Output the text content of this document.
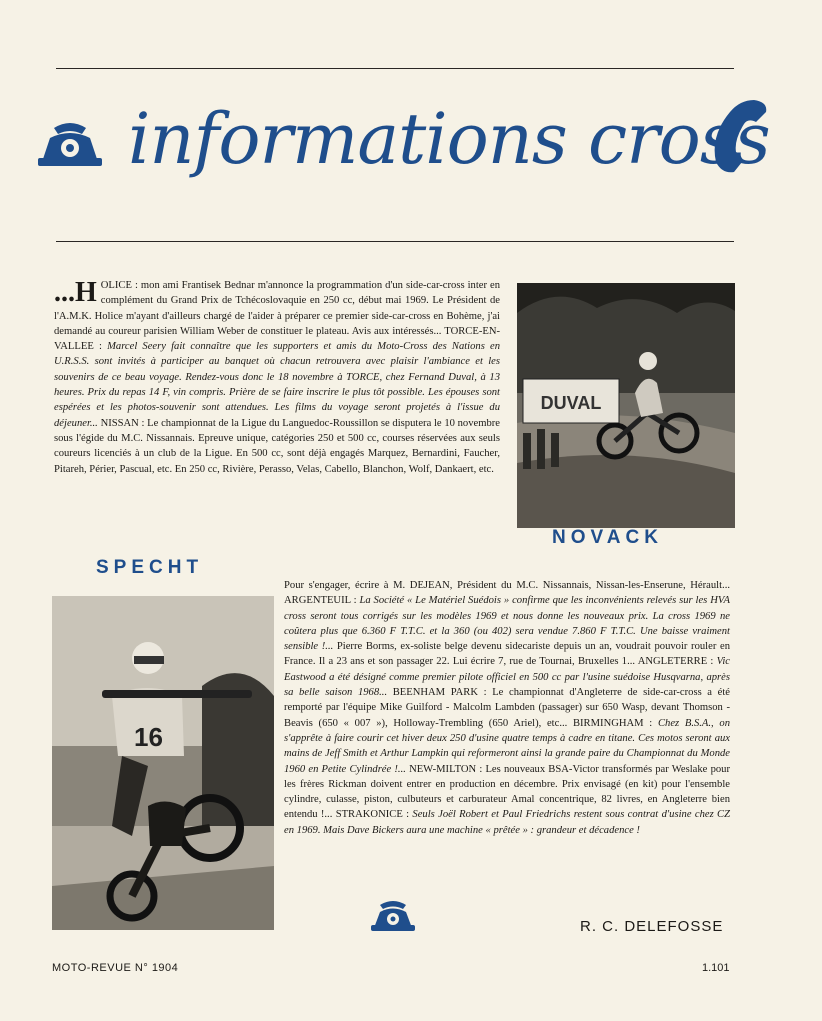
informations cross

...H OLICE : mon ami Frantisek Bednar m'annonce la programmation d'un side-car-cross inter en complément du Grand Prix de Tchécoslovaquie en 250 cc, début mai 1969. Le Président de l'A.M.K. Holice m'ayant d'ailleurs chargé de l'aider à préparer ce premier side-car-cross en Bohème, j'ai demandé au coureur parisien William Weber de constituer le plateau. Avis aux intéressés... TORCE-EN-VALLEE : Marcel Seery fait connaître que les supporters et amis du Moto-Cross des Nations en U.R.S.S. sont invités à participer au banquet où chacun retrouvera avec plaisir l'ambiance et les souvenirs de ce beau voyage. Rendez-vous donc le 18 novembre à TORCE, chez Fernand Duval, à 13 heures. Prix du repas 14 F, vin compris. Prière de se faire inscrire le plus tôt possible. Les épouses sont espérées et les photos-souvenir sont attendues. Les films du voyage seront projetés à l'issue du déjeuner... NISSAN : Le championnat de la Ligue du Languedoc-Roussillon se disputera le 10 novembre sous l'égide du M.C. Nissannais. Epreuve unique, catégories 250 et 500 cc, courses réservées aux seuls coureurs licenciés à un club de la Ligue. En 500 cc, sont déjà engagés Marquez, Bernardini, Faucher, Pitareh, Périer, Pascual, etc. En 250 cc, Rivière, Perasso, Velas, Cabello, Blanchon, Wolf, Dankaert, etc.

DUVAL
NOVACK
SPECHT

Pour s'engager, écrire à M. DEJEAN, Président du M.C. Nissannais, Nissan-les-Enserune, Hérault... ARGENTEUIL : La Société « Le Matériel Suédois » confirme que les inconvénients relevés sur les HVA cross seront tous corrigés sur les modèles 1969 et nous donne les nouveaux prix. La cross 1969 ne coûtera plus que 6.360 F T.T.C. et la 360 (ou 402) sera vendue 7.860 F T.T.C. Une baisse vraiment sensible !... Pierre Borms, ex-soliste belge devenu sidecariste depuis un an, voudrait pouvoir rouler en France. Il a 23 ans et son passager 22. Lui écrire 7, rue de Tournai, Bruxelles 1... ANGLETERRE : Vic Eastwood a été désigné comme premier pilote officiel en 500 cc par l'usine suédoise Husqvarna, après sa belle saison 1968... BEENHAM PARK : Le championnat d'Angleterre de side-car-cross a été remporté par l'équipe Mike Guilford - Malcolm Lambden (passager) sur 650 Wasp, devant Thomson - Beavis (650 « 007 »), Holloway-Trembling (650 Ariel), etc... BIRMINGHAM : Chez B.S.A., on s'apprête à faire courir cet hiver deux 250 d'usine quatre temps à cadre en titane. Ces motos seront aux mains de Jeff Smith et Arthur Lampkin qui reformeront ainsi la grande paire du Championnat du Monde 1960 en Petite Cylindrée !... NEW-MILTON : Les nouveaux BSA-Victor transformés par Weslake pour les frères Rickman doivent entrer en production en décembre. Prix envisagé (en kit) pour l'ensemble cylindre, culasse, piston, culbuteurs et carburateur Amal concentrique, 82 livres, en Angleterre bien entendu !... STRAKONICE : Seuls Joël Robert et Paul Friedrichs restent sous contrat d'usine chez CZ en 1969. Mais Dave Bickers aura une machine « prêtée » : grandeur et décadence !

16
R. C. DELEFOSSE
MOTO-REVUE N° 1904	1.101
